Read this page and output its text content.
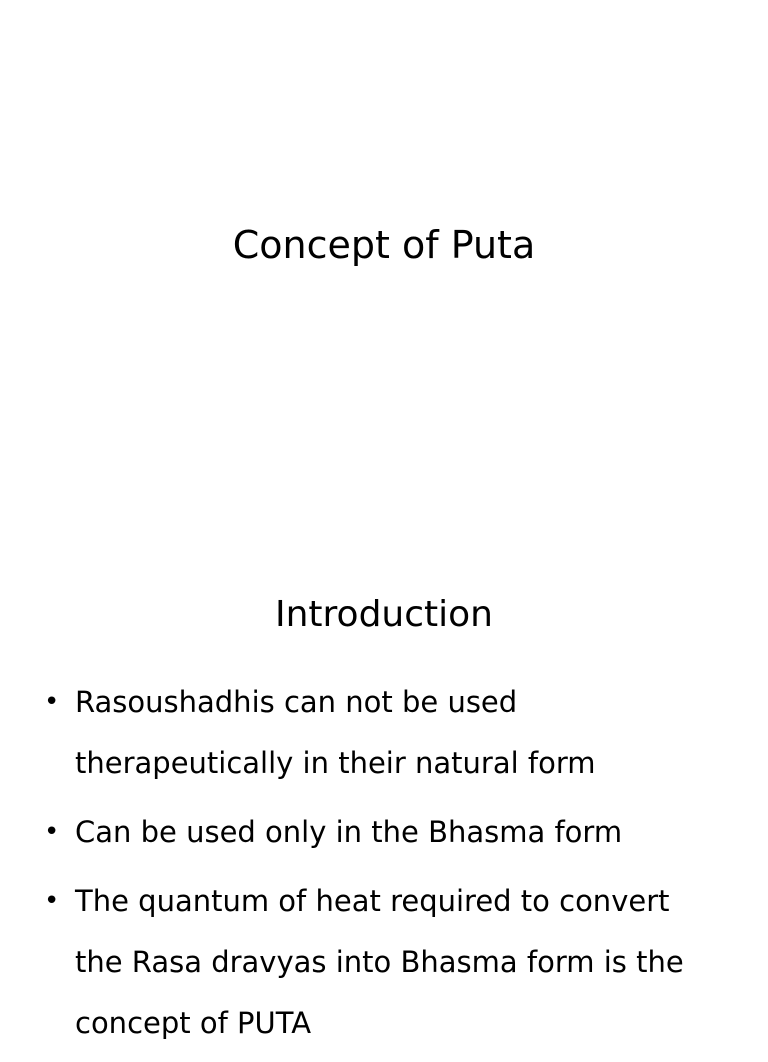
Concept of Puta
Introduction
• Rasoushadhis can not be used therapeutically in their natural form
• Can be used only in the Bhasma form
• The quantum of heat required to convert the Rasa dravyas into Bhasma form is the concept of PUTA
